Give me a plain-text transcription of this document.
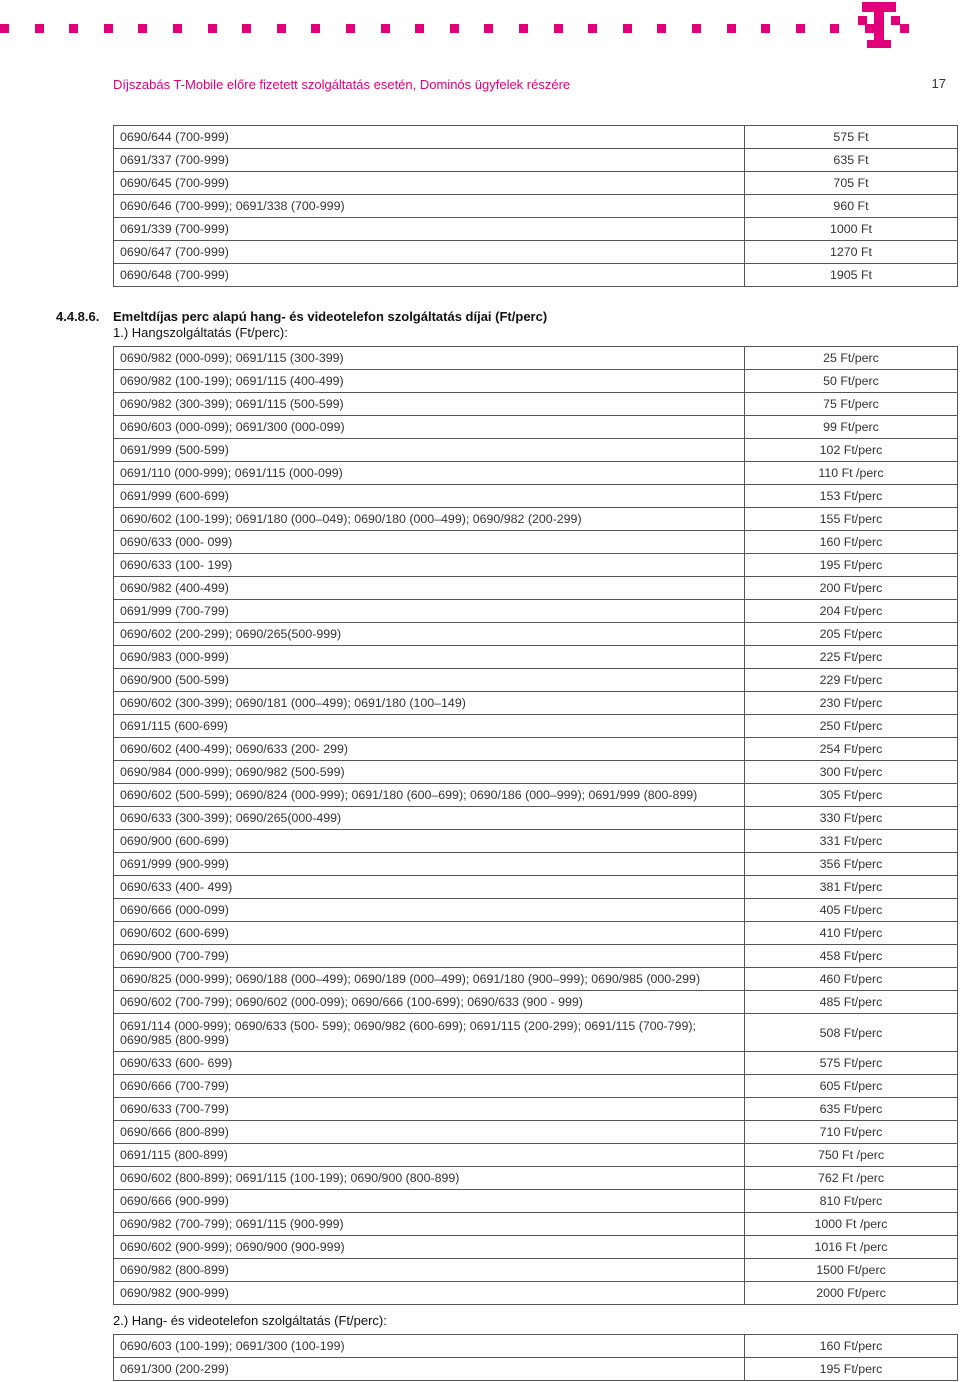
Díjszabás T-Mobile előre fizetett szolgáltatás esetén, Dominós ügyfelek részére	17
0690/644 (700-999)	575 Ft
0691/337 (700-999)	635 Ft
0690/645 (700-999)	705 Ft
0690/646 (700-999); 0691/338 (700-999)	960 Ft
0691/339 (700-999)	1000 Ft
0690/647 (700-999)	1270 Ft
0690/648 (700-999)	1905 Ft
4.4.8.6. Emeltdíjas perc alapú hang- és videotelefon szolgáltatás díjai (Ft/perc)
1.) Hangszolgáltatás (Ft/perc):
0690/982 (000-099); 0691/115 (300-399)	25 Ft/perc
0690/982 (100-199); 0691/115 (400-499)	50 Ft/perc
0690/982 (300-399); 0691/115 (500-599)	75 Ft/perc
0690/603 (000-099); 0691/300 (000-099)	99 Ft/perc
0691/999 (500-599)	102 Ft/perc
0691/110 (000-999); 0691/115 (000-099)	110 Ft /perc
0691/999 (600-699)	153 Ft/perc
0690/602 (100-199); 0691/180 (000–049); 0690/180 (000–499); 0690/982 (200-299)	155 Ft/perc
0690/633 (000- 099)	160 Ft/perc
0690/633 (100- 199)	195 Ft/perc
0690/982 (400-499)	200 Ft/perc
0691/999 (700-799)	204 Ft/perc
0690/602 (200-299); 0690/265(500-999)	205 Ft/perc
0690/983 (000-999)	225 Ft/perc
0690/900 (500-599)	229 Ft/perc
0690/602 (300-399); 0690/181 (000–499); 0691/180 (100–149)	230 Ft/perc
0691/115 (600-699)	250 Ft/perc
0690/602 (400-499); 0690/633 (200- 299)	254 Ft/perc
0690/984 (000-999); 0690/982 (500-599)	300 Ft/perc
0690/602 (500-599); 0690/824 (000-999); 0691/180 (600–699); 0690/186 (000–999); 0691/999 (800-899)	305 Ft/perc
0690/633 (300-399); 0690/265(000-499)	330 Ft/perc
0690/900 (600-699)	331 Ft/perc
0691/999 (900-999)	356 Ft/perc
0690/633 (400- 499)	381 Ft/perc
0690/666 (000-099)	405 Ft/perc
0690/602 (600-699)	410 Ft/perc
0690/900 (700-799)	458 Ft/perc
0690/825 (000-999); 0690/188 (000–499); 0690/189 (000–499); 0691/180 (900–999); 0690/985 (000-299)	460 Ft/perc
0690/602 (700-799); 0690/602 (000-099); 0690/666 (100-699); 0690/633 (900 - 999)	485 Ft/perc
0691/114 (000-999); 0690/633 (500- 599); 0690/982 (600-699); 0691/115 (200-299); 0691/115 (700-799); 0690/985 (800-999)	508 Ft/perc
0690/633 (600- 699)	575 Ft/perc
0690/666 (700-799)	605 Ft/perc
0690/633 (700-799)	635 Ft/perc
0690/666 (800-899)	710 Ft/perc
0691/115 (800-899)	750 Ft /perc
0690/602 (800-899); 0691/115 (100-199); 0690/900 (800-899)	762 Ft /perc
0690/666 (900-999)	810 Ft/perc
0690/982 (700-799); 0691/115 (900-999)	1000 Ft /perc
0690/602 (900-999); 0690/900 (900-999)	1016 Ft /perc
0690/982 (800-899)	1500 Ft/perc
0690/982 (900-999)	2000 Ft/perc
2.) Hang- és videotelefon szolgáltatás (Ft/perc):
0690/603 (100-199); 0691/300 (100-199)	160 Ft/perc
0691/300 (200-299)	195 Ft/perc
